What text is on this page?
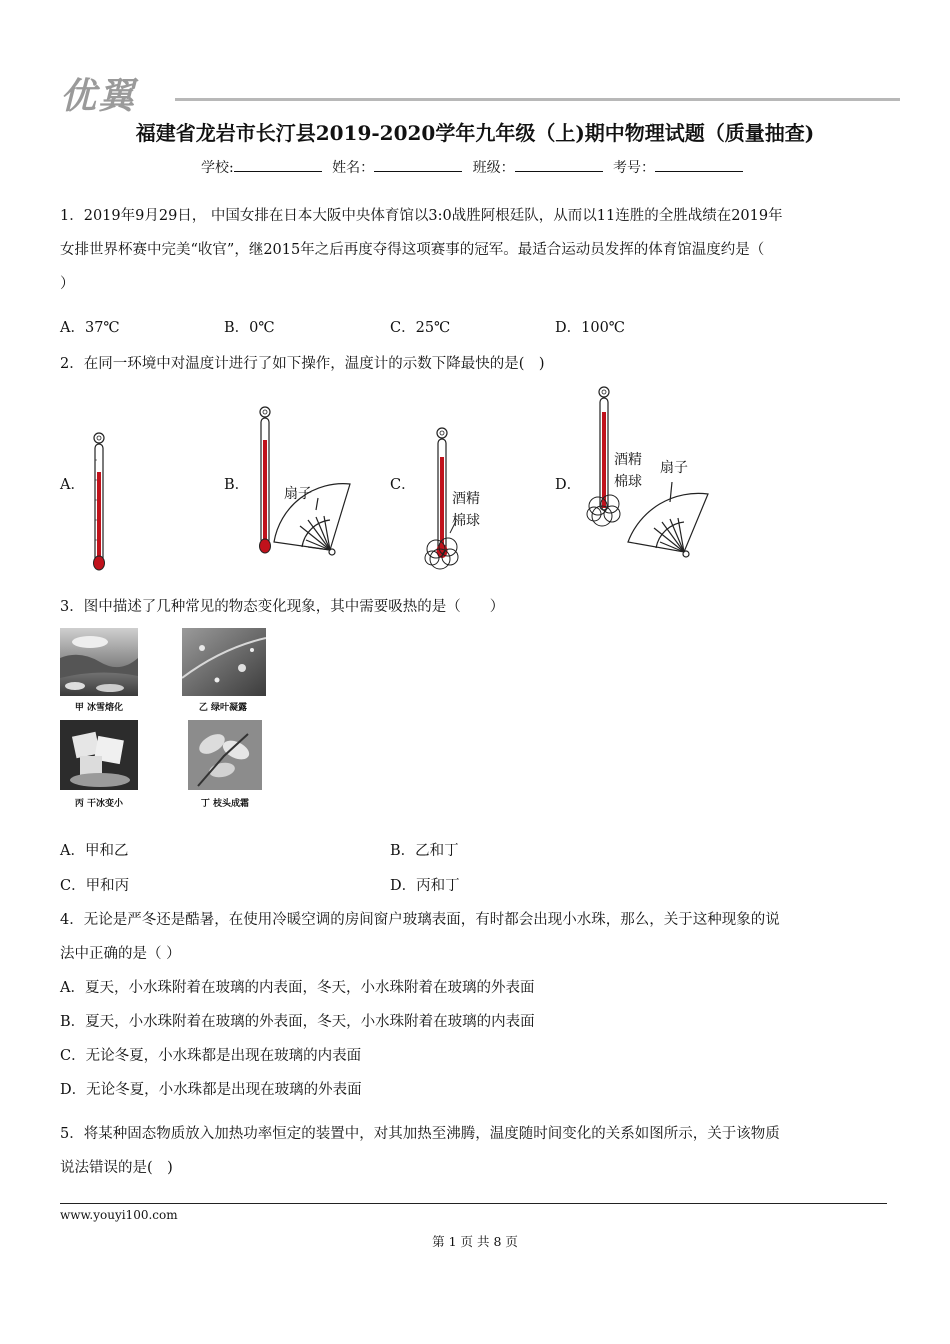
优翼
福建省龙岩市长汀县2019-2020学年九年级（上)期中物理试题（质量抽查)
学校:	姓名：	班级：	考号：
1．2019年9月29日， 中国女排在日本大阪中央体育馆以3:0战胜阿根廷队，从而以11连胜的全胜战绩在2019年
女排世界杯赛中完美“收官”，继2015年之后再度夺得这项赛事的冠军。最适合运动员发挥的体育馆温度约是（
）
A．37℃	B．0℃	C．25℃	D．100℃
2．在同一环境中对温度计进行了如下操作，温度计的示数下降最快的是(　)
A．	B．	C．	D．
扇子	酒精
棉球
酒精
棉球
扇子
3．图中描述了几种常见的物态变化现象，其中需要吸热的是（　　）
甲 冰雪熔化	乙 绿叶凝露
丙 干冰变小	丁 枝头成霜
A．甲和乙	B．乙和丁
C．甲和丙	D．丙和丁
4．无论是严冬还是酷暑，在使用冷暖空调的房间窗户玻璃表面，有时都会出现小水珠，那么，关于这种现象的说
法中正确的是（ ）
A．夏天，小水珠附着在玻璃的内表面，冬天，小水珠附着在玻璃的外表面
B．夏天，小水珠附着在玻璃的外表面，冬天，小水珠附着在玻璃的内表面
C．无论冬夏，小水珠都是出现在玻璃的内表面
D．无论冬夏，小水珠都是出现在玻璃的外表面
5．将某种固态物质放入加热功率恒定的装置中，对其加热至沸腾，温度随时间变化的关系如图所示，关于该物质
说法错误的是(　)
www.youyi100.com
第 1 页 共 8 页
